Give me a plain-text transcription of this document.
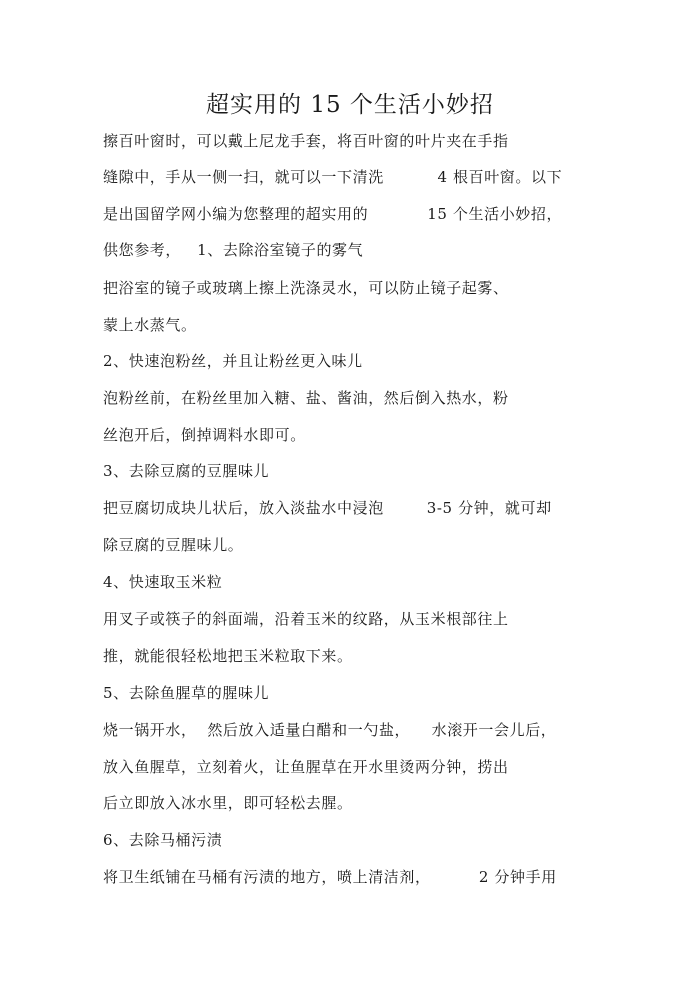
超实用的 15 个生活小妙招
擦百叶窗时，可以戴上尼龙手套，将百叶窗的叶片夹在手指
缝隙中，手从一侧一扫，就可以一下清洗          4 根百叶窗。以下
是出国留学网小编为您整理的超实用的           15 个生活小妙招，
供您参考，   1、去除浴室镜子的雾气
把浴室的镜子或玻璃上擦上洗涤灵水，可以防止镜子起雾、
蒙上水蒸气。
2、快速泡粉丝，并且让粉丝更入味儿
泡粉丝前，在粉丝里加入糖、盐、酱油，然后倒入热水，粉
丝泡开后，倒掉调料水即可。
3、去除豆腐的豆腥味儿
把豆腐切成块儿状后，放入淡盐水中浸泡        3-5 分钟，就可却
除豆腐的豆腥味儿。
4、快速取玉米粒
用叉子或筷子的斜面端，沿着玉米的纹路，从玉米根部往上
推，就能很轻松地把玉米粒取下来。
5、去除鱼腥草的腥味儿
烧一锅开水，  然后放入适量白醋和一勺盐，    水滚开一会儿后，
放入鱼腥草，立刻着火，让鱼腥草在开水里烫两分钟，捞出
后立即放入冰水里，即可轻松去腥。
6、去除马桶污渍
将卫生纸铺在马桶有污渍的地方，喷上清洁剂，         2 分钟手用
